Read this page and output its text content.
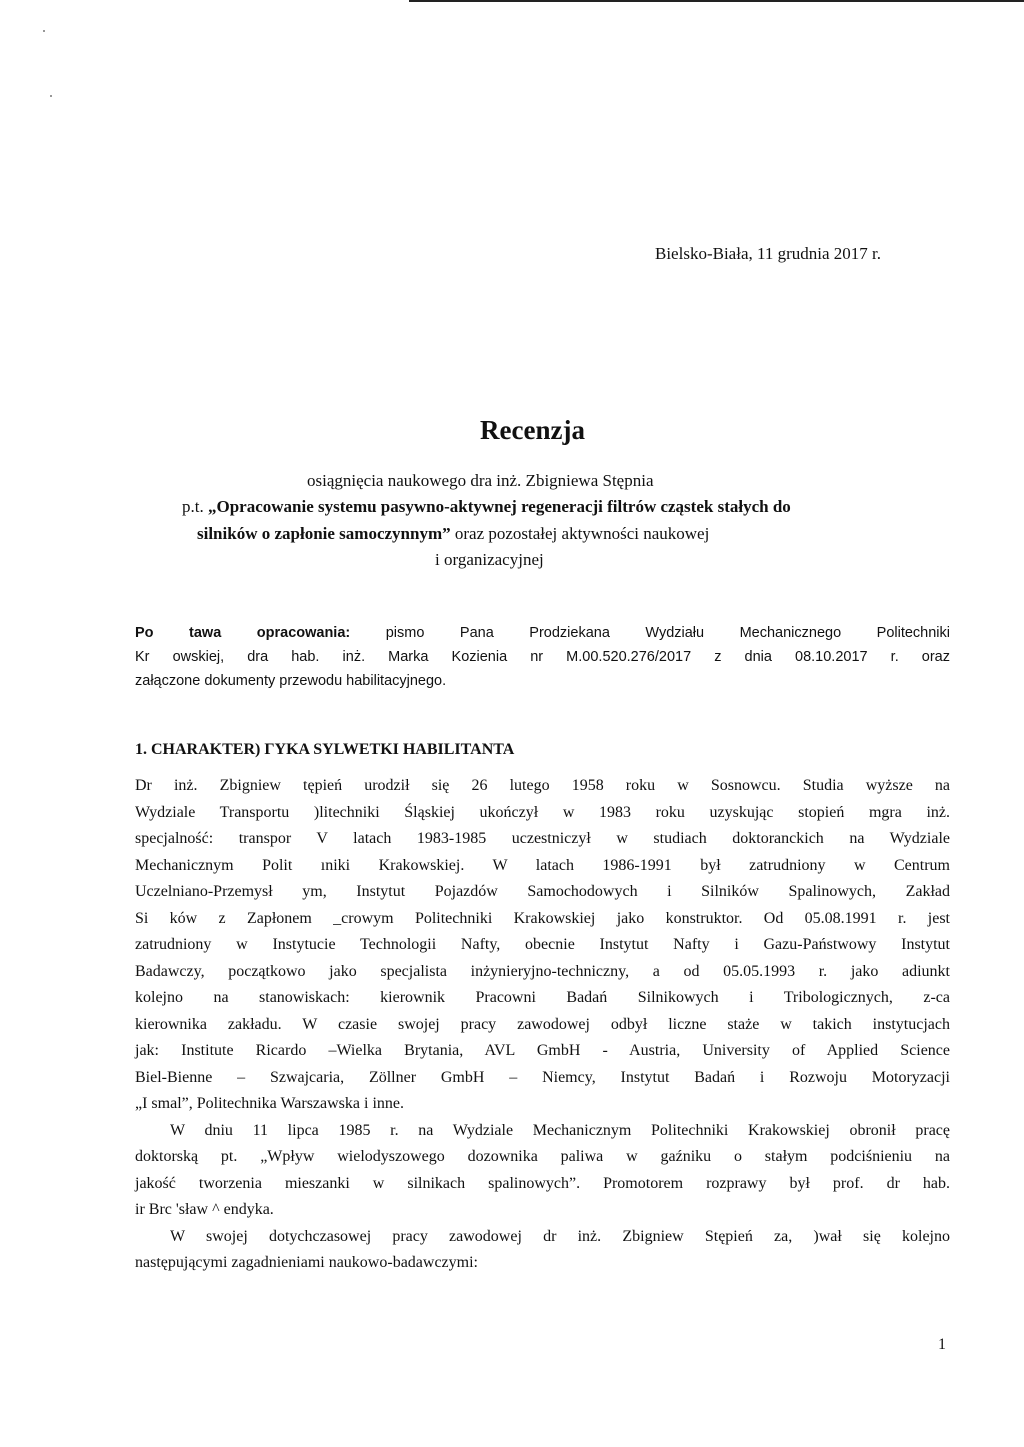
Bielsko-Biała, 11 grudnia 2017 r.
Recenzja
osiągnięcia naukowego dra inż. Zbigniewa Stępnia
p.t. „Opracowanie systemu pasywno-aktywnej regeneracji filtrów cząstek stałych do
silników o zapłonie samoczynnym” oraz pozostałej aktywności naukowej
i organizacyjnej
Po tawa opracowania: pismo Pana Prodziekana Wydziału Mechanicznego Politechniki
Kr owskiej, dra hab. inż. Marka Kozienia nr M.00.520.276/2017 z dnia 08.10.2017 r. oraz
załączone dokumenty przewodu habilitacyjnego.
1. CHARAKTER) ΓYKA SYLWETKI HABILITANTA
Dr inż. Zbigniew tępień urodził się 26 lutego 1958 roku w Sosnowcu. Studia wyższe na
Wydziale Transportu )litechniki Śląskiej ukończył w 1983 roku uzyskując stopień mgra inż.
specjalność: transpor V latach 1983-1985 uczestniczył w studiach doktoranckich na Wydziale
Mechanicznym Polit ıniki Krakowskiej. W latach 1986-1991 był zatrudniony w Centrum
Uczelniano-Przemysł ym, Instytut Pojazdów Samochodowych i Silników Spalinowych, Zakład
Si ków z Zapłonem _crowym Politechniki Krakowskiej jako konstruktor. Od 05.08.1991 r. jest
zatrudniony w Instytucie Technologii Nafty, obecnie Instytut Nafty i Gazu-Państwowy Instytut
Badawczy, początkowo jako specjalista inżynieryjno-techniczny, a od 05.05.1993 r. jako adiunkt
kolejno na stanowiskach: kierownik Pracowni Badań Silnikowych i Tribologicznych, z-ca
kierownika zakładu. W czasie swojej pracy zawodowej odbył liczne staże w takich instytucjach
jak: Institute Ricardo –Wielka Brytania, AVL GmbH - Austria, University of Applied Science
Biel-Bienne – Szwajcaria, Zöllner GmbH – Niemcy, Instytut Badań i Rozwoju Motoryzacji
„I smal”, Politechnika Warszawska i inne.
W dniu 11 lipca 1985 r. na Wydziale Mechanicznym Politechniki Krakowskiej obronił pracę
doktorską pt. „Wpływ wielodyszowego dozownika paliwa w gaźniku o stałym podciśnieniu na
jakość tworzenia mieszanki w silnikach spalinowych”. Promotorem rozprawy był prof. dr hab.
ir Brc 'sław ^ endyka.
W swojej dotychczasowej pracy zawodowej dr inż. Zbigniew Stępień za, )wał się kolejno
następującymi zagadnieniami naukowo-badawczymi:
1
